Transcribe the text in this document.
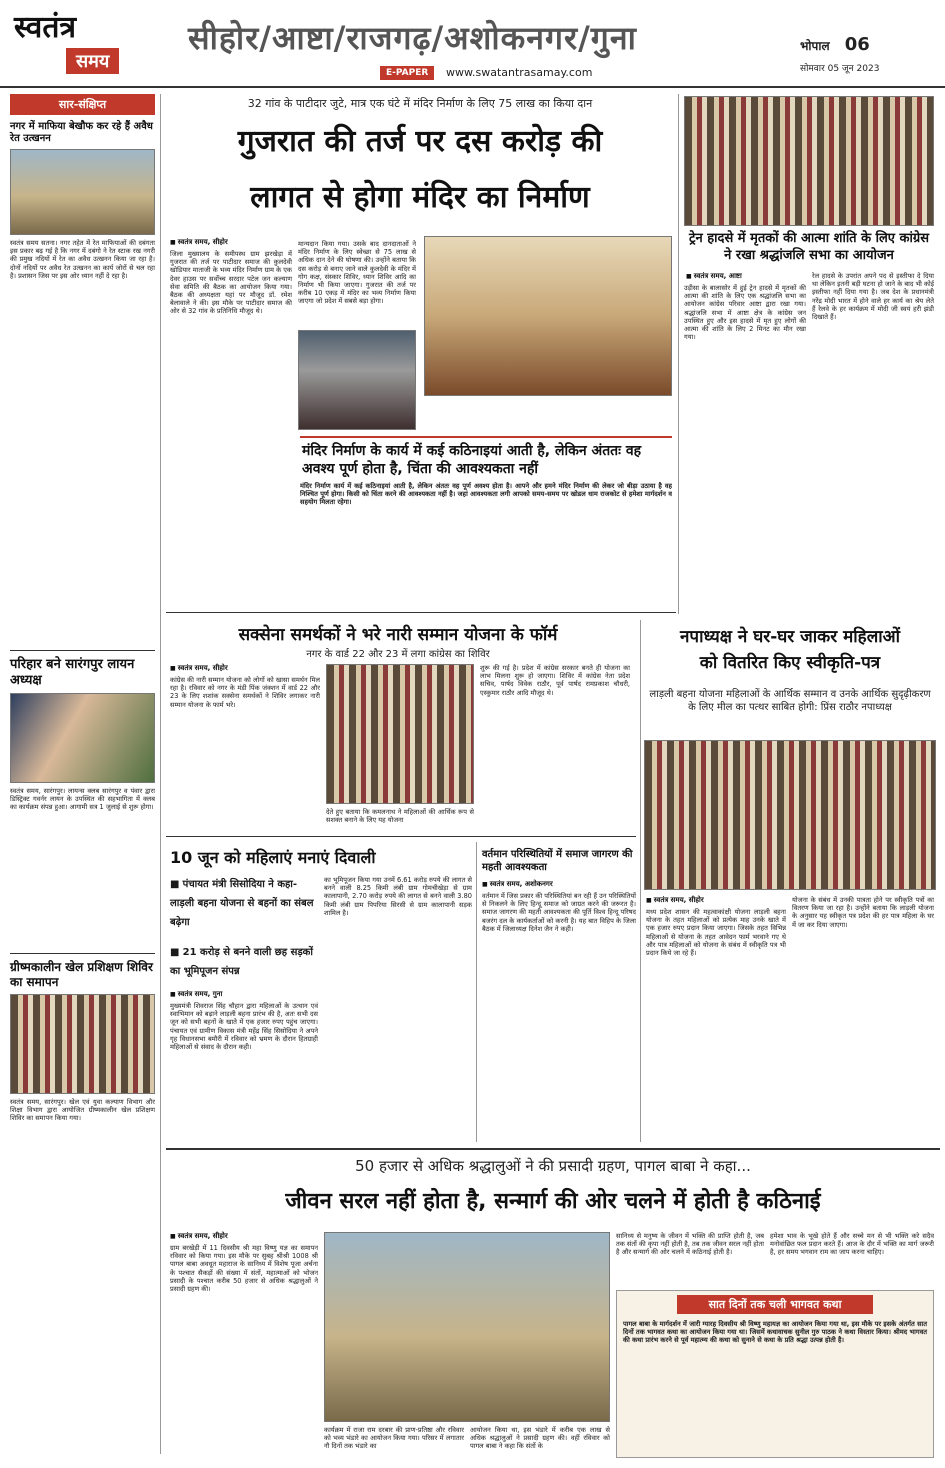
स्वतंत्र
समय
सीहोर/आष्टा/राजगढ़/अशोकनगर/गुना
E-PAPER	www.swatantrasamay.com
भोपाल 06
सोमवार 05 जून 2023
सार-संक्षिप्त
नगर में माफिया बेखौफ कर रहे हैं अवैध रेत उत्खनन
स्वतंत्र समय सतना। नगर तहेत में रेत माफियाओं की दबंगता इस प्रकार बढ़ गई है कि नगर में दबंगो ने रेत स्टाक रख नगरी की प्रमुख नदियों में रेत का अवैध उत्खनन किया जा रहा है। दोनों नदियों पर अवैध रेत उत्खनन का कार्य जोरों से चल रहा है। प्रशासन जिस पर इस ओर ध्यान नहीं दे रहा है।
परिहार बने सारंगपुर लायन अध्यक्ष
स्वतंत्र समय, सारंगपुर। लायन्स क्लब सारंगपुर व पंवार द्वारा डिस्ट्रिक्ट गवर्नर लायन के उपस्थित की सहभागिता में क्लब का कार्यक्रम संपन्न हुआ। आगामी सत्र 1 जुलाई से शुरू होगा।
ग्रीष्मकालीन खेल प्रशिक्षण शिविर का समापन
स्वतंत्र समय, सारंगपुर। खेल एवं युवा कल्याण विभाग और शिक्षा विभाग द्वारा आयोजित ग्रीष्मकालीन खेल प्रशिक्षण शिविर का समापन किया गया।
32 गांव के पाटीदार जुटे, मात्र एक घंटे में मंदिर निर्माण के लिए 75 लाख का किया दान
गुजरात की तर्ज पर दस करोड़ की
लागत से होगा मंदिर का निर्माण
■ स्वतंत्र समय, सीहोर
जिला मुख्यालय के समीपस्थ ग्राम झरखेड़ा में गुजरात की तर्ज पर पाटीदार समाज की कुलदेवी खोडियार माताजी के भव्य मंदिर निर्माण ग्राम के एक देवर हाउस पर सर्वोच्च सरदार पटेल जन कल्याण सेवा समिति की बैठक का आयोजन किया गया। बैठक की अध्यक्षता यहां पर मौजूद डॉ. रमेश बेलावाले ने की। इस मौके पर पाटीदार समाज की ओर से 32 गांव के प्रतिनिधि मौजूद थे।
मान्यदान किया गया। उसके बाद दानदाताओं ने मंदिर निर्माण के लिए स्वेच्छा से 75 लाख से अधिक दान देने की घोषणा की। उन्होंने बताया कि दस करोड़ से बनाए जाने वाले कुलदेवी के मंदिर में गोग कक्ष, संस्कार शिविर, ध्यान शिविर आदि का निर्माण भी किया जाएगा। गुजरात की तर्ज पर करीब 10 एकड़ में मंदिर का भव्य निर्माण किया जाएगा जो प्रदेश में सबसे बड़ा होगा।
मंदिर निर्माण के कार्य में कई कठिनाइयां आती है, लेकिन अंततः वह अवश्य पूर्ण होता है, चिंता की आवश्यकता नहीं
मंदिर निर्माण कार्य में कई कठिनाइयां आती है, लेकिन अंततः वह पूर्ण अवश्य होता है। आपने और हमने मंदिर निर्माण की लेकर जो बीड़ा उठाया है वह निश्चित पूर्ण होगा। किसी को चिंता करने की आवश्यकता नहीं है। जहां आवश्यकता लगी आपको समय-समय पर खोडल धाम राजकोट से हमेशा मार्गदर्शन व सहयोग मिलता रहेगा।
ट्रेन हादसे में मृतकों की आत्मा शांति के लिए कांग्रेस ने रखा श्रद्धांजलि सभा का आयोजन
■ स्वतंत्र समय, आष्टा
उड़ीसा के बालासोर में हुई ट्रेन हादसे में मृतकों की आत्मा की शांति के लिए एक श्रद्धांजलि सभा का आयोजन कांग्रेस परिवार आष्टा द्वारा रखा गया। श्रद्धांजलि सभा में आष्टा क्षेत्र के कांग्रेस जन उपस्थित हुए और इस हादसे में मृत हुए लोगों की आत्मा की शांति के लिए 2 मिनट का मौन रखा गया।
रेल हादसे के उपरांत अपने पद से इस्तीफा दे दिया था लेकिन इतनी बड़ी घटना हो जाने के बाद भी कोई इस्तीफा नहीं दिया गया है। जब देश के प्रधानमंत्री नरेंद्र मोदी भारत में होने वाले हर कार्य का श्रेय लेते हैं रेलवे के हर कार्यक्रम में मोदी जी स्वयं हरी झंडी दिखाते हैं।
सक्सेना समर्थकों ने भरे नारी सम्मान योजना के फॉर्म
नगर के वार्ड 22 और 23 में लगा कांग्रेस का शिविर
■ स्वतंत्र समय, सीहोर
कांग्रेस की नारी सम्मान योजना को लोगों को खासा समर्थन मिल रहा है। रविवार को नगर के मंडी पिंक जंक्शन में वार्ड 22 और 23 के लिए शशांक सक्सेना समर्थकों ने शिविर लगाकर नारी सम्मान योजना के फार्म भरे।
देते हुए बताया कि कमलनाथ ने महिलाओं की आर्थिक रूप से सशक्त बनाने के लिए यह योजना
शुरू की गई है। प्रदेश में कांग्रेस सरकार बनते ही योजना का लाभ मिलना शुरू हो जाएगा। शिविर में कांग्रेस नेता प्रदेश सचिव, पार्षद विवेक राठौर, पूर्व पार्षद रामप्रकाश चौधरी, एस्कुमार राठौर आदि मौजूद थे।
10 जून को महिलाएं मनाएं दिवाली
■ पंचायत मंत्री सिसोदिया ने कहा- लाड़ली बहना योजना से बहनों का संबल बढ़ेगा
■ 21 करोड़ से बनने वाली छह सड़कों का भूमिपूजन संपन्न
■ स्वतंत्र समय, गुना
मुख्यमंत्री शिवराज सिंह चौहान द्वारा महिलाओं के उत्थान एवं स्वाभिमान को बढ़ाने लाड़ली बहना प्रारंभ की है, अतः सभी दस जून को सभी बहनों के खाते में एक हजार रुपए पहुंच जाएगा। पंचायत एवं ग्रामीण विकास मंत्री महेंद्र सिंह सिसोदिया ने अपने गृह विधानसभा बमौरी में रविवार को भ्रमण के दौरान हितग्राही महिलाओं से संवाद के दौरान कही।
का भूमिपूजन किया गया उनमें 6.61 करोड़ रुपये की लागत से बनने वाली 8.25 किमी लंबी ग्राम गोमचीखेड़ा से ग्राम कालापानी, 2.70 करोड़ रुपये की लागत से बनने वाली 3.80 किमी लंबी ग्राम पिपरिया सिरसी से ग्राम कालापानी सड़क शामिल है।
वर्तमान परिस्थितियों में समाज जागरण की महती आवश्यकता
■ स्वतंत्र समय, अशोकनगर
वर्तमान में जिस प्रकार की परिस्थितियां बन रही हैं उन परिस्थितियों से निकलने के लिए हिन्दू समाज को जाग्रत करने की जरूरत है। समाज जागरण की महती आवश्यकता की पूर्ति विश्व हिन्दू परिषद बजरंग दल के कार्यकर्ताओं को करनी है। यह बात विहिप के जिला बैठक में जिलाध्यक्ष दिनेश जैन ने कही।
नपाध्यक्ष ने घर-घर जाकर महिलाओं
को वितरित किए स्वीकृति-पत्र
लाड़ली बहना योजना महिलाओं के आर्थिक सम्मान व उनके आर्थिक सुदृढ़ीकरण के लिए मील का पत्थर साबित होगी: प्रिंस राठौर नपाध्यक्ष
■ स्वतंत्र समय, सीहोर
मध्य प्रदेश शासन की महत्वाकांक्षी योजना लाड़ली बहना योजना के तहत महिलाओं को प्रत्येक माह उनके खाते में एक हजार रुपए प्रदान किया जाएगा। जिसके तहत विभिन्न महिलाओं से योजना के तहत आवेदन फार्म भरवाने गए थे और पात्र महिलाओं को योजना के संबंध में स्वीकृति पत्र भी प्रदान किये जा रहे हैं।
योजना के संबंध में उनकी पात्रता होने पर स्वीकृति पत्रों का वितरण किया जा रहा है। उन्होंने बताया कि लाड़ली योजना के अनुसार यह स्वीकृत पत्र प्रदेश की हर पात्र महिला के घर में जा कर दिया जाएगा।
50 हजार से अधिक श्रद्धालुओं ने की प्रसादी ग्रहण, पागल बाबा ने कहा...
जीवन सरल नहीं होता है, सन्मार्ग की ओर चलने में होती है कठिनाई
■ स्वतंत्र समय, सीहोर
ग्राम बरखेड़ी में 11 दिवसीय श्री महा विष्णु यज्ञ का समापन रविवार को किया गया। इस मौके पर सुबह श्रीश्री 1008 श्री पागल बाबा अवधूत महाराज के सानिध्य में विशेष पूजा अर्चना के पश्चात सैकड़ों की संख्या में संतों, महात्माओं को भोजन प्रसादी के पश्चात करीब 50 हजार से अधिक श्रद्धालुओं ने प्रसादी ग्रहण की।
कार्यक्रम में राजा राम दरबार की प्राण-प्रतिष्ठा और रविवार को भव्य भंडारे का आयोजन किया गया। परिसर में लगातार नौ दिनों तक भंडारे का
आयोजन किया था, इस भंडारे में करीब एक लाख से अधिक श्रद्धालुओं ने प्रसादी ग्रहण की। वहीं रविवार को पागल बाबा ने कहा कि संतों के
सानिध्य से मनुष्य के जीवन में भक्ति की प्राप्ति होती है, जब तक संतों की कृपा नहीं होती है, तब तक जीवन सरल नहीं होता है और सन्मार्ग की ओर चलने में कठिनाई होती है।
हमेशा भाव के भूखे होते हैं और सच्चे मन से भी भक्ति करे सदैव मनोवांछित फल प्रदान करते हैं। आज के दौर में भक्ति का मार्ग जरूरी है, हर समय भगवान राम का जाप करना चाहिए।
सात दिनों तक चली भागवत कथा
पागल बाबा के मार्गदर्शन में जारी ग्यारह दिवसीय श्री विष्णु महायज्ञ का आयोजन किया गया था, इस मौके पर इसके अंतर्गत सात दिनों तक भागवत कथा का आयोजन किया गया था। जिसमें कथावाचक सुनील गुरु पाठक ने कथा विस्तार किया। श्रीमद भागवत की कथा प्रारंभ करने से पूर्व महात्म्य की कथा को सुनाने से कथा के प्रति श्रद्धा उत्पन्न होती है।
